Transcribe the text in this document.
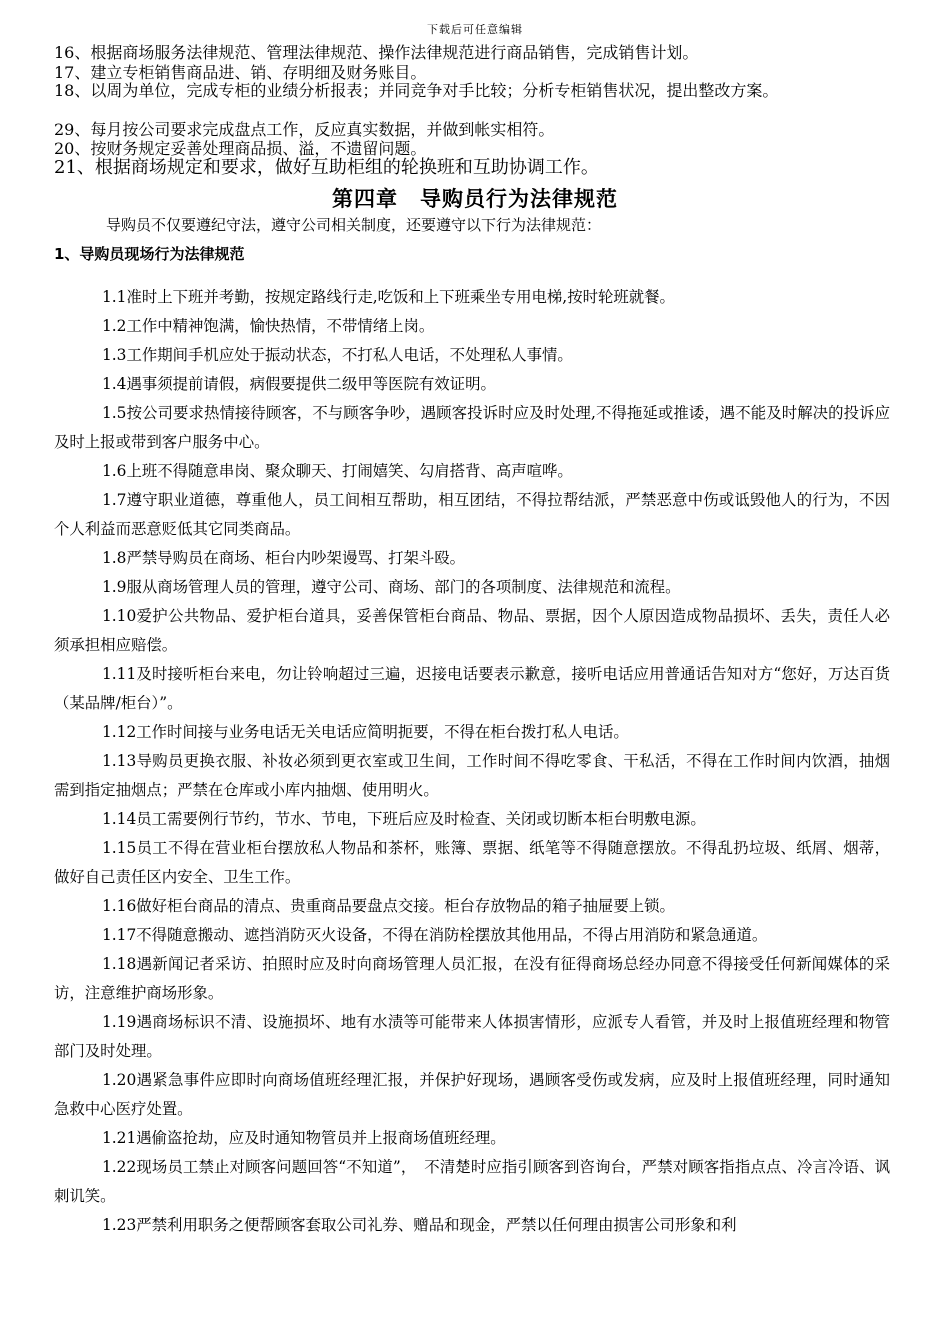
下载后可任意编辑
16、根据商场服务法律规范、管理法律规范、操作法律规范进行商品销售，完成销售计划。
17、建立专柜销售商品进、销、存明细及财务账目。
18、以周为单位，完成专柜的业绩分析报表；并同竞争对手比较；分析专柜销售状况，提出整改方案。
29、每月按公司要求完成盘点工作，反应真实数据，并做到帐实相符。
20、按财务规定妥善处理商品损、溢，不遗留问题。
21、根据商场规定和要求，做好互助柜组的轮换班和互助协调工作。
第四章　导购员行为法律规范
导购员不仅要遵纪守法，遵守公司相关制度，还要遵守以下行为法律规范：
1、导购员现场行为法律规范

1.1准时上下班并考勤，按规定路线行走,吃饭和上下班乘坐专用电梯,按时轮班就餐。

1.2工作中精神饱满，愉快热情，不带情绪上岗。

1.3工作期间手机应处于振动状态，不打私人电话，不处理私人事情。

1.4遇事须提前请假，病假要提供二级甲等医院有效证明。

1.5按公司要求热情接待顾客，不与顾客争吵，遇顾客投诉时应及时处理,不得拖延或推诿，遇不能及时解决的投诉应及时上报或带到客户服务中心。

1.6上班不得随意串岗、聚众聊天、打闹嬉笑、勾肩搭背、高声喧哗。

1.7遵守职业道德，尊重他人，员工间相互帮助，相互团结，不得拉帮结派，严禁恶意中伤或诋毁他人的行为，不因个人利益而恶意贬低其它同类商品。

1.8严禁导购员在商场、柜台内吵架谩骂、打架斗殴。

1.9服从商场管理人员的管理，遵守公司、商场、部门的各项制度、法律规范和流程。

1.10爱护公共物品、爱护柜台道具，妥善保管柜台商品、物品、票据，因个人原因造成物品损坏、丢失，责任人必须承担相应赔偿。

1.11及时接听柜台来电，勿让铃响超过三遍，迟接电话要表示歉意，接听电话应用普通话告知对方“您好，万达百货（某品牌/柜台）”。

1.12工作时间接与业务电话无关电话应简明扼要，不得在柜台拨打私人电话。

1.13导购员更换衣服、补妆必须到更衣室或卫生间，工作时间不得吃零食、干私活，不得在工作时间内饮酒，抽烟需到指定抽烟点；严禁在仓库或小库内抽烟、使用明火。

1.14员工需要例行节约，节水、节电，下班后应及时检查、关闭或切断本柜台明敷电源。

1.15员工不得在营业柜台摆放私人物品和茶杯，账簿、票据、纸笔等不得随意摆放。不得乱扔垃圾、纸屑、烟蒂，做好自己责任区内安全、卫生工作。

1.16做好柜台商品的清点、贵重商品要盘点交接。柜台存放物品的箱子抽屉要上锁。

1.17不得随意搬动、遮挡消防灭火设备，不得在消防栓摆放其他用品，不得占用消防和紧急通道。

1.18遇新闻记者采访、拍照时应及时向商场管理人员汇报，在没有征得商场总经办同意不得接受任何新闻媒体的采访，注意维护商场形象。

1.19遇商场标识不清、设施损坏、地有水渍等可能带来人体损害情形，应派专人看管，并及时上报值班经理和物管部门及时处理。

1.20遇紧急事件应即时向商场值班经理汇报，并保护好现场，遇顾客受伤或发病，应及时上报值班经理，同时通知急救中心医疗处置。

1.21遇偷盗抢劫，应及时通知物管员并上报商场值班经理。

1.22现场员工禁止对顾客问题回答“不知道”，　不清楚时应指引顾客到咨询台，严禁对顾客指指点点、冷言冷语、讽刺讥笑。

1.23严禁利用职务之便帮顾客套取公司礼券、赠品和现金，严禁以任何理由损害公司形象和利
